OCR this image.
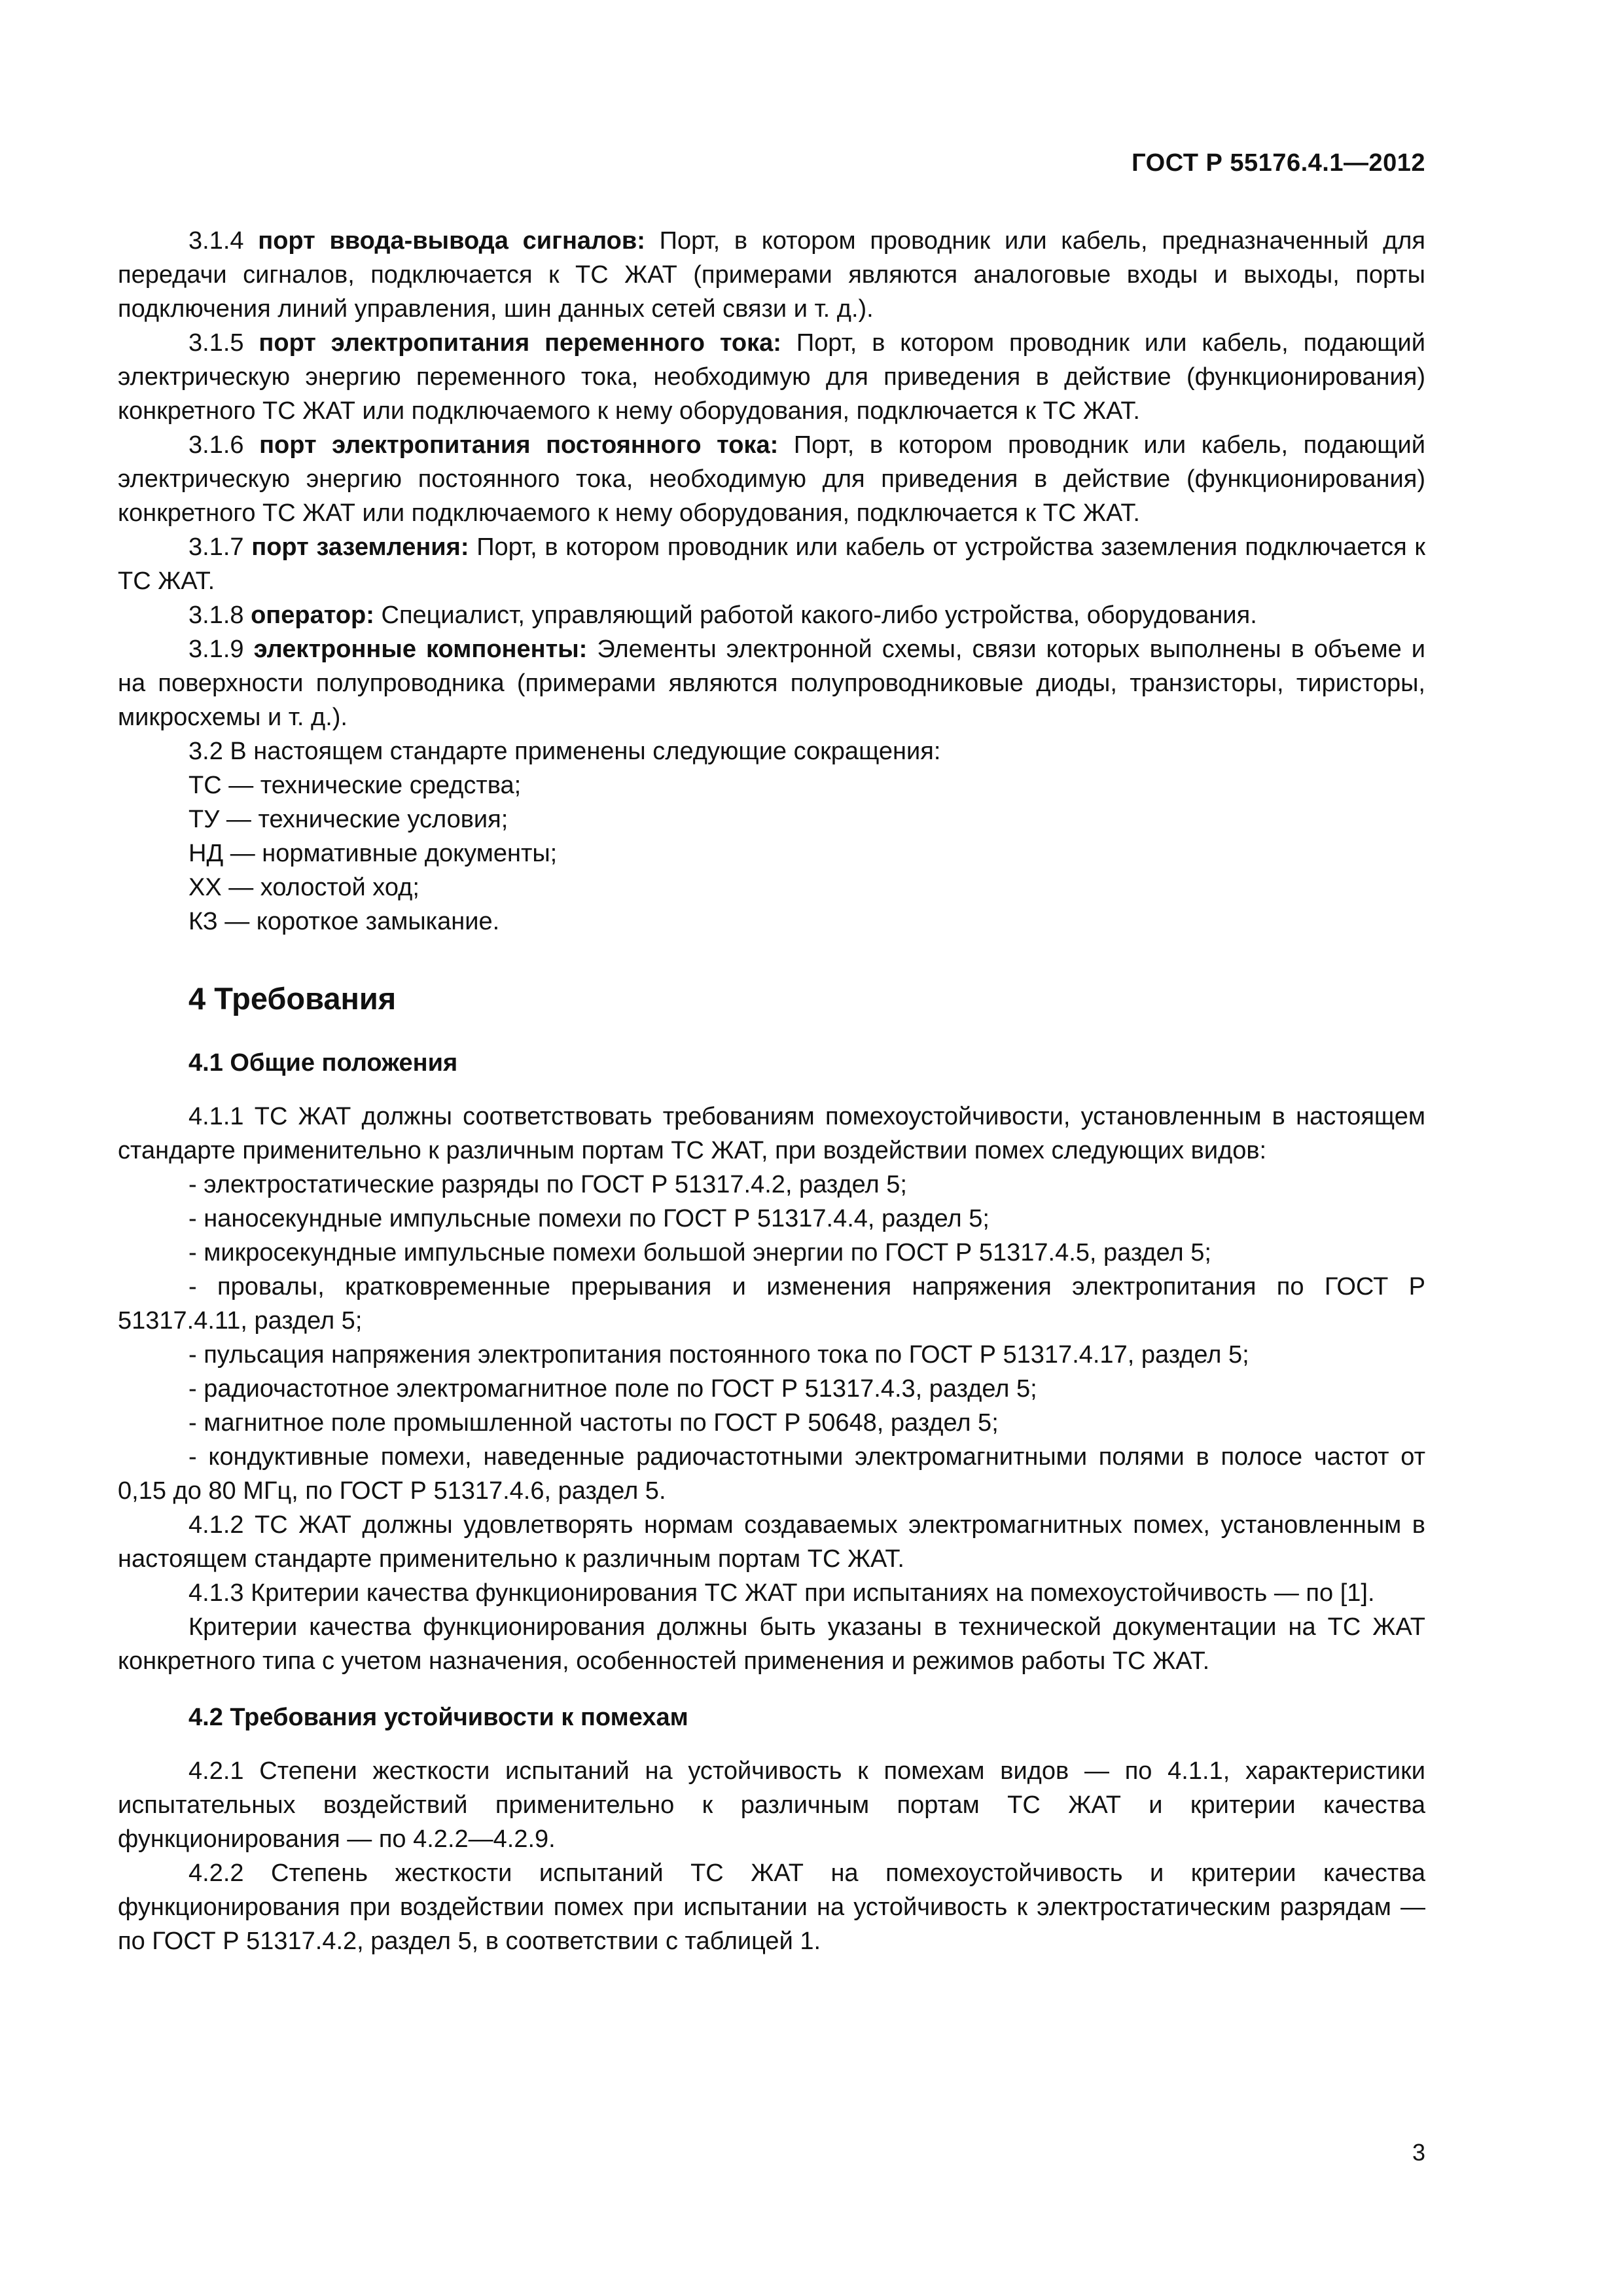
ГОСТ Р 55176.4.1—2012

3.1.4 порт ввода-вывода сигналов: Порт, в котором проводник или кабель, предназначенный для передачи сигналов, подключается к ТС ЖАТ (примерами являются аналоговые входы и выходы, порты подключения линий управления, шин данных сетей связи и т. д.).

3.1.5 порт электропитания переменного тока: Порт, в котором проводник или кабель, подающий электрическую энергию переменного тока, необходимую для приведения в действие (функционирования) конкретного ТС ЖАТ или подключаемого к нему оборудования, подключается к ТС ЖАТ.

3.1.6 порт электропитания постоянного тока: Порт, в котором проводник или кабель, подающий электрическую энергию постоянного тока, необходимую для приведения в действие (функционирования) конкретного ТС ЖАТ или подключаемого к нему оборудования, подключается к ТС ЖАТ.

3.1.7 порт заземления: Порт, в котором проводник или кабель от устройства заземления подключается к ТС ЖАТ.

3.1.8 оператор: Специалист, управляющий работой какого-либо устройства, оборудования.

3.1.9 электронные компоненты: Элементы электронной схемы, связи которых выполнены в объеме и на поверхности полупроводника (примерами являются полупроводниковые диоды, транзисторы, тиристоры, микросхемы и т. д.).

3.2 В настоящем стандарте применены следующие сокращения:

ТС — технические средства;

ТУ — технические условия;

НД — нормативные документы;

ХХ — холостой ход;

КЗ — короткое замыкание.

4 Требования
4.1 Общие положения

4.1.1 ТС ЖАТ должны соответствовать требованиям помехоустойчивости, установленным в настоящем стандарте применительно к различным портам ТС ЖАТ, при воздействии помех следующих видов:

- электростатические разряды по ГОСТ Р 51317.4.2, раздел 5;

- наносекундные импульсные помехи по ГОСТ Р 51317.4.4, раздел 5;

- микросекундные импульсные помехи большой энергии по ГОСТ Р 51317.4.5, раздел 5;

- провалы, кратковременные прерывания и изменения напряжения электропитания по ГОСТ Р 51317.4.11, раздел 5;

- пульсация напряжения электропитания постоянного тока по ГОСТ Р 51317.4.17, раздел 5;

- радиочастотное электромагнитное поле по ГОСТ Р 51317.4.3, раздел 5;

- магнитное поле промышленной частоты по ГОСТ Р 50648, раздел 5;

- кондуктивные помехи, наведенные радиочастотными электромагнитными полями в полосе частот от 0,15 до 80 МГц, по ГОСТ Р 51317.4.6, раздел 5.

4.1.2 ТС ЖАТ должны удовлетворять нормам создаваемых электромагнитных помех, установленным в настоящем стандарте применительно к различным портам ТС ЖАТ.

4.1.3 Критерии качества функционирования ТС ЖАТ при испытаниях на помехоустойчивость — по [1].

Критерии качества функционирования должны быть указаны в технической документации на ТС ЖАТ конкретного типа с учетом назначения, особенностей применения и режимов работы ТС ЖАТ.

4.2 Требования устойчивости к помехам

4.2.1 Степени жесткости испытаний на устойчивость к помехам видов — по 4.1.1, характеристики испытательных воздействий применительно к различным портам ТС ЖАТ и критерии качества функционирования — по 4.2.2—4.2.9.

4.2.2 Степень жесткости испытаний ТС ЖАТ на помехоустойчивость и критерии качества функционирования при воздействии помех при испытании на устойчивость к электростатическим разрядам — по ГОСТ Р 51317.4.2, раздел 5, в соответствии с таблицей 1.

3
